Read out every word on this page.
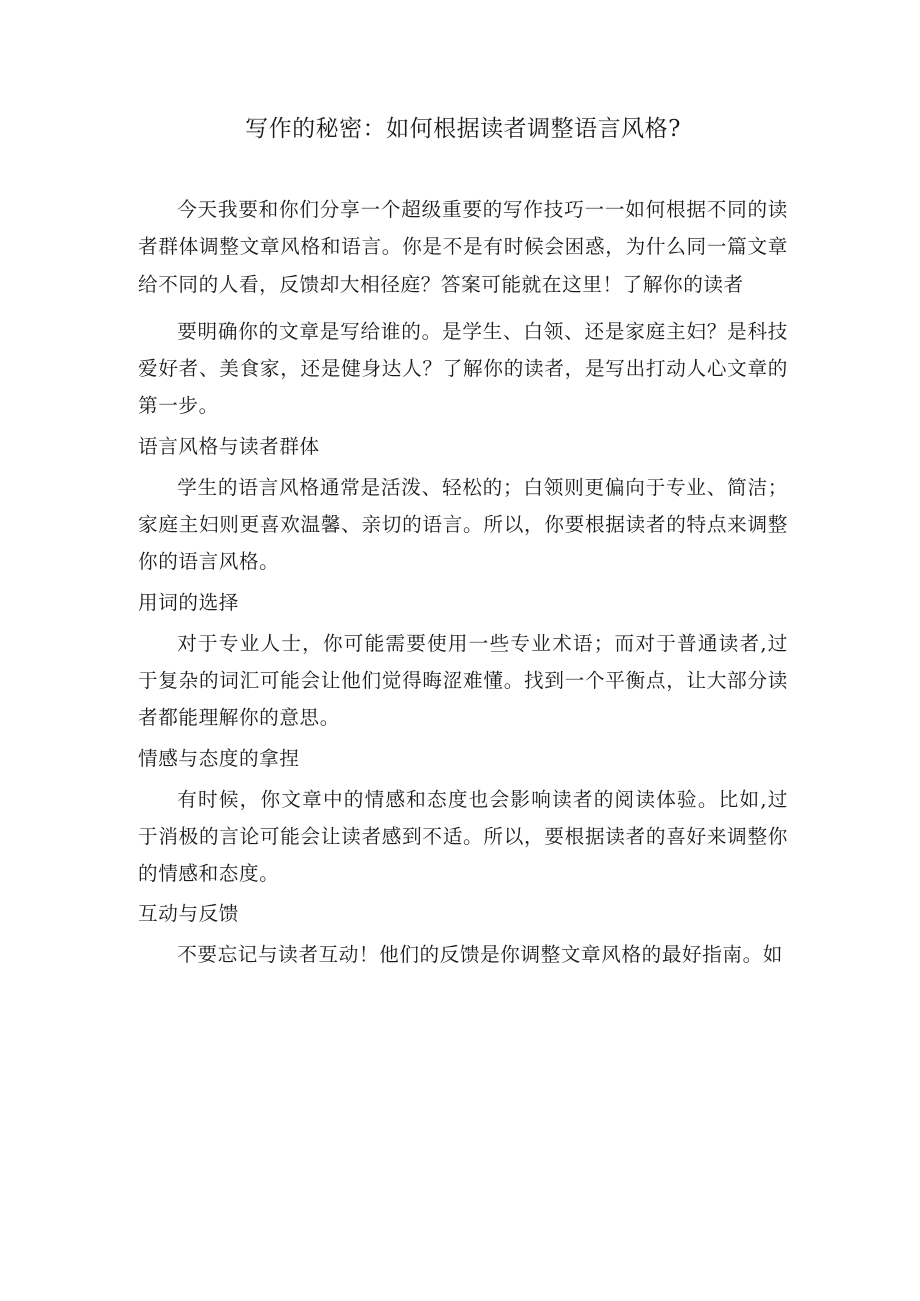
写作的秘密：如何根据读者调整语言风格?

今天我要和你们分享一个超级重要的写作技巧一一如何根据不同的读者群体调整文章风格和语言。你是不是有时候会困惑，为什么同一篇文章给不同的人看，反馈却大相径庭？答案可能就在这里！了解你的读者

要明确你的文章是写给谁的。是学生、白领、还是家庭主妇？是科技爱好者、美食家，还是健身达人？了解你的读者，是写出打动人心文章的第一步。

语言风格与读者群体

学生的语言风格通常是活泼、轻松的；白领则更偏向于专业、简洁；家庭主妇则更喜欢温馨、亲切的语言。所以，你要根据读者的特点来调整你的语言风格。

用词的选择

对于专业人士，你可能需要使用一些专业术语；而对于普通读者,过于复杂的词汇可能会让他们觉得晦涩难懂。找到一个平衡点，让大部分读者都能理解你的意思。

情感与态度的拿捏

有时候，你文章中的情感和态度也会影响读者的阅读体验。比如,过于消极的言论可能会让读者感到不适。所以，要根据读者的喜好来调整你的情感和态度。

互动与反馈

不要忘记与读者互动！他们的反馈是你调整文章风格的最好指南。如
